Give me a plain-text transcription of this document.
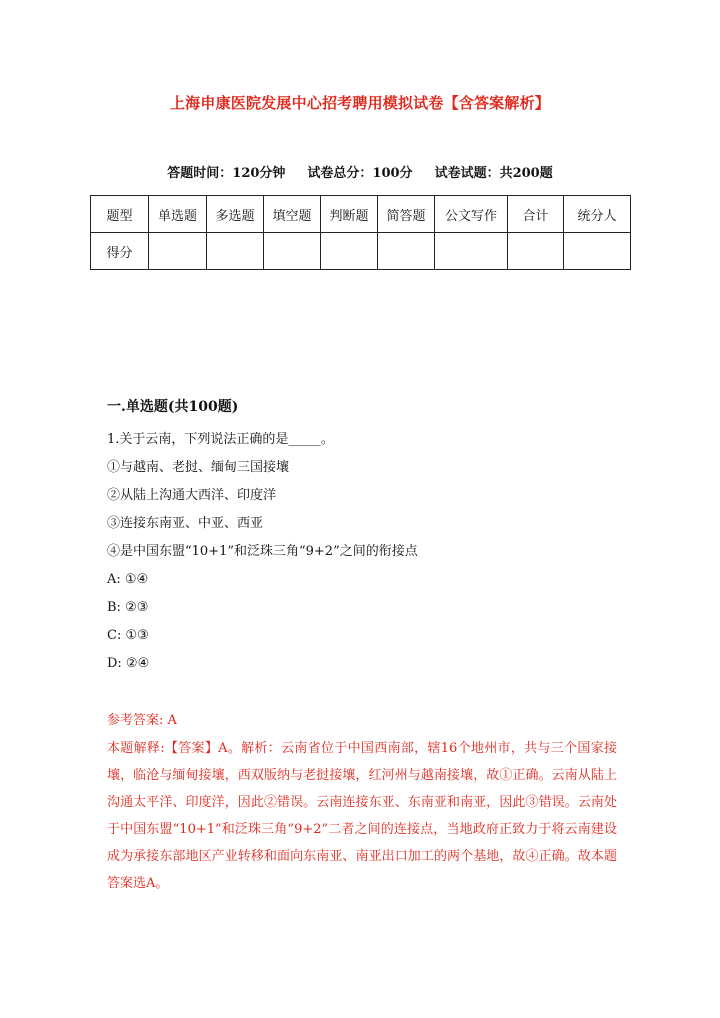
上海申康医院发展中心招考聘用模拟试卷【含答案解析】
答题时间：120分钟 试卷总分：100分 试卷试题：共200题
题型	单选题	多选题	填空题	判断题	简答题	公文写作	合计	统分人
得分								
一.单选题(共100题)
1.关于云南，下列说法正确的是_____。
①与越南、老挝、缅甸三国接壤
②从陆上沟通大西洋、印度洋
③连接东南亚、中亚、西亚
④是中国东盟“10+1”和泛珠三角“9+2”之间的衔接点
A: ①④
B: ②③
C: ①③
D: ②④
参考答案: A
本题解释:【答案】A。解析：云南省位于中国西南部，辖16个地州市，共与三个国家接壤，临沧与缅甸接壤，西双版纳与老挝接壤，红河州与越南接壤，故①正确。云南从陆上沟通太平洋、印度洋，因此②错误。云南连接东亚、东南亚和南亚，因此③错误。云南处于中国东盟“10+1”和泛珠三角“9+2”二者之间的连接点，当地政府正致力于将云南建设成为承接东部地区产业转移和面向东南亚、南亚出口加工的两个基地，故④正确。故本题答案选A。
